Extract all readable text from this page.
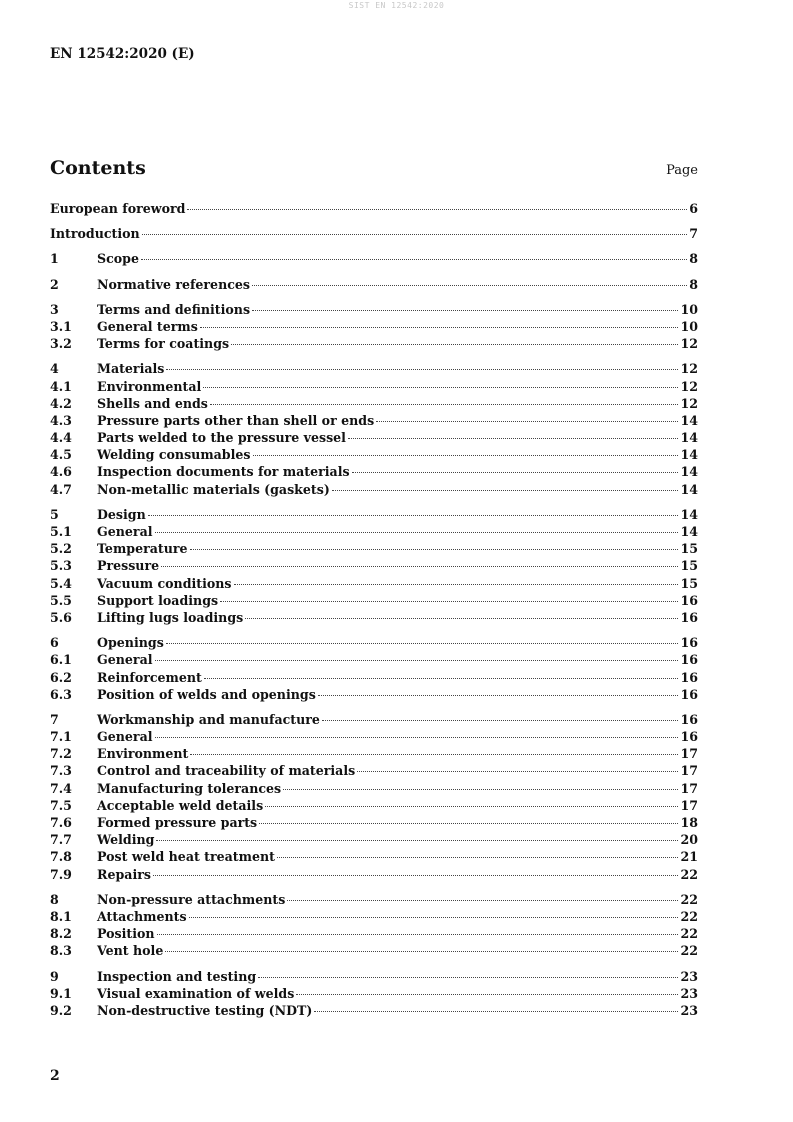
SIST EN 12542:2020
EN 12542:2020 (E)
Contents	Page
European foreword	6
Introduction	7
1	Scope	8
2	Normative references	8
3	Terms and definitions	10
3.1	General terms	10
3.2	Terms for coatings	12
4	Materials	12
4.1	Environmental	12
4.2	Shells and ends	12
4.3	Pressure parts other than shell or ends	14
4.4	Parts welded to the pressure vessel	14
4.5	Welding consumables	14
4.6	Inspection documents for materials	14
4.7	Non-metallic materials (gaskets)	14
5	Design	14
5.1	General	14
5.2	Temperature	15
5.3	Pressure	15
5.4	Vacuum conditions	15
5.5	Support loadings	16
5.6	Lifting lugs loadings	16
6	Openings	16
6.1	General	16
6.2	Reinforcement	16
6.3	Position of welds and openings	16
7	Workmanship and manufacture	16
7.1	General	16
7.2	Environment	17
7.3	Control and traceability of materials	17
7.4	Manufacturing tolerances	17
7.5	Acceptable weld details	17
7.6	Formed pressure parts	18
7.7	Welding	20
7.8	Post weld heat treatment	21
7.9	Repairs	22
8	Non-pressure attachments	22
8.1	Attachments	22
8.2	Position	22
8.3	Vent hole	22
9	Inspection and testing	23
9.1	Visual examination of welds	23
9.2	Non-destructive testing (NDT)	23
2
